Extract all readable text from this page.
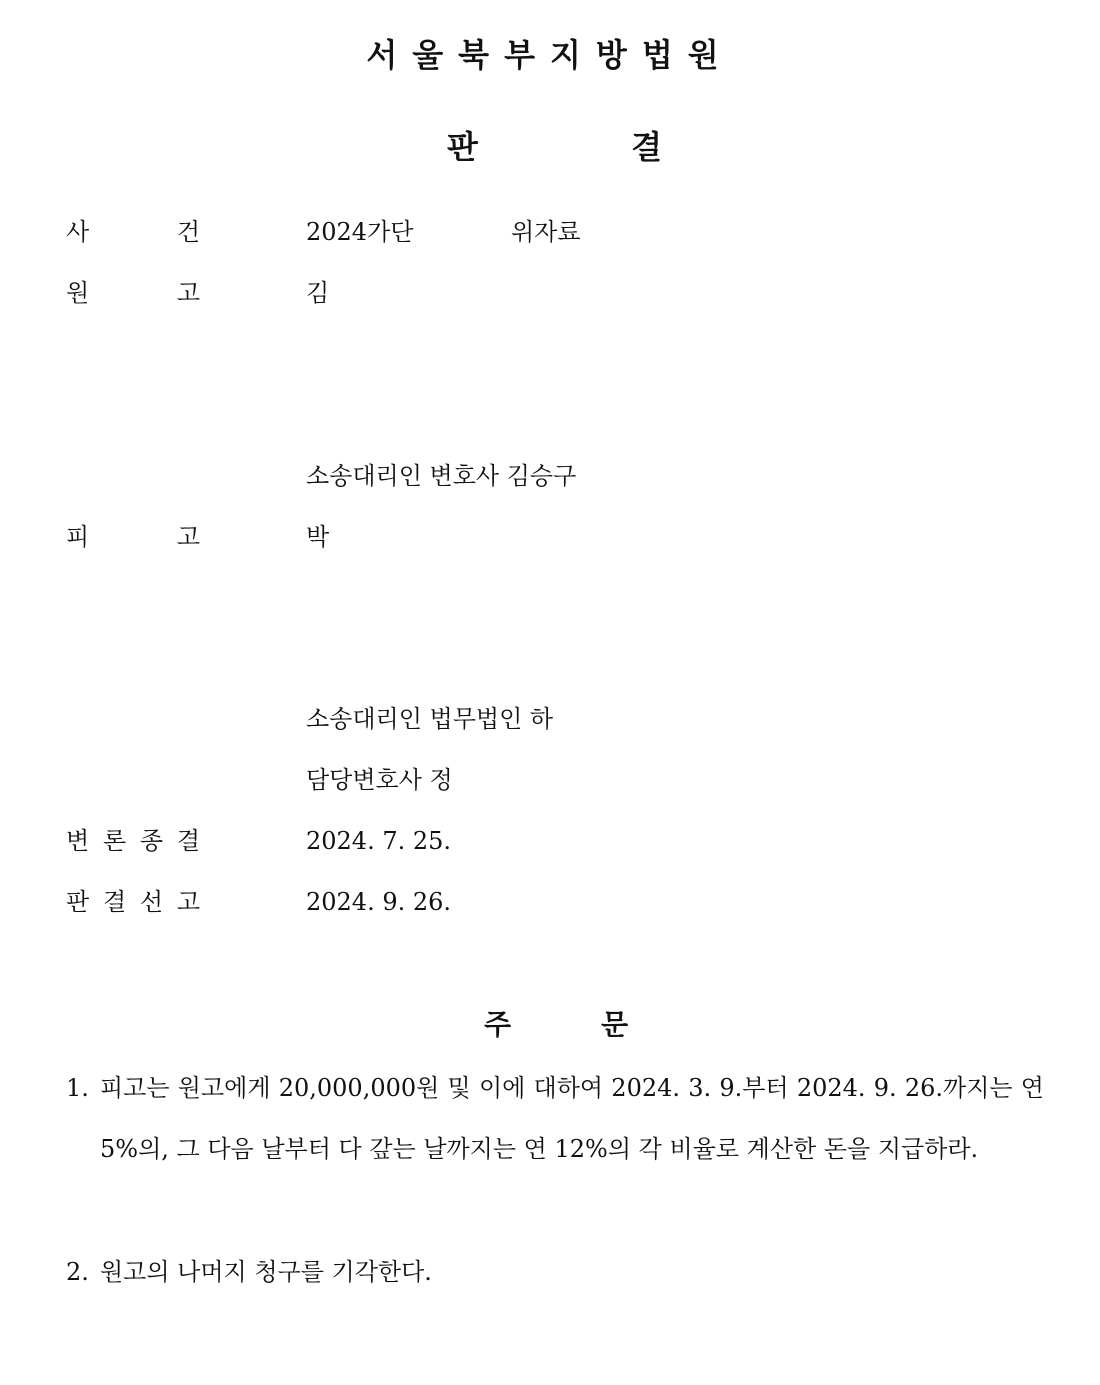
서울북부지방법원
판	결
사	건	2024가단	위자료
원	고	김
소송대리인 변호사 김승구
피	고	박
소송대리인 법무법인 하
담당변호사 정
변 론 종 결	2024. 7. 25.
판 결 선 고	2024. 9. 26.
주	문
1. 피고는 원고에게 20,000,000원 및 이에 대하여 2024. 3. 9.부터 2024. 9. 26.까지는 연 5%의, 그 다음 날부터 다 갚는 날까지는 연 12%의 각 비율로 계산한 돈을 지급하라.
2. 원고의 나머지 청구를 기각한다.
